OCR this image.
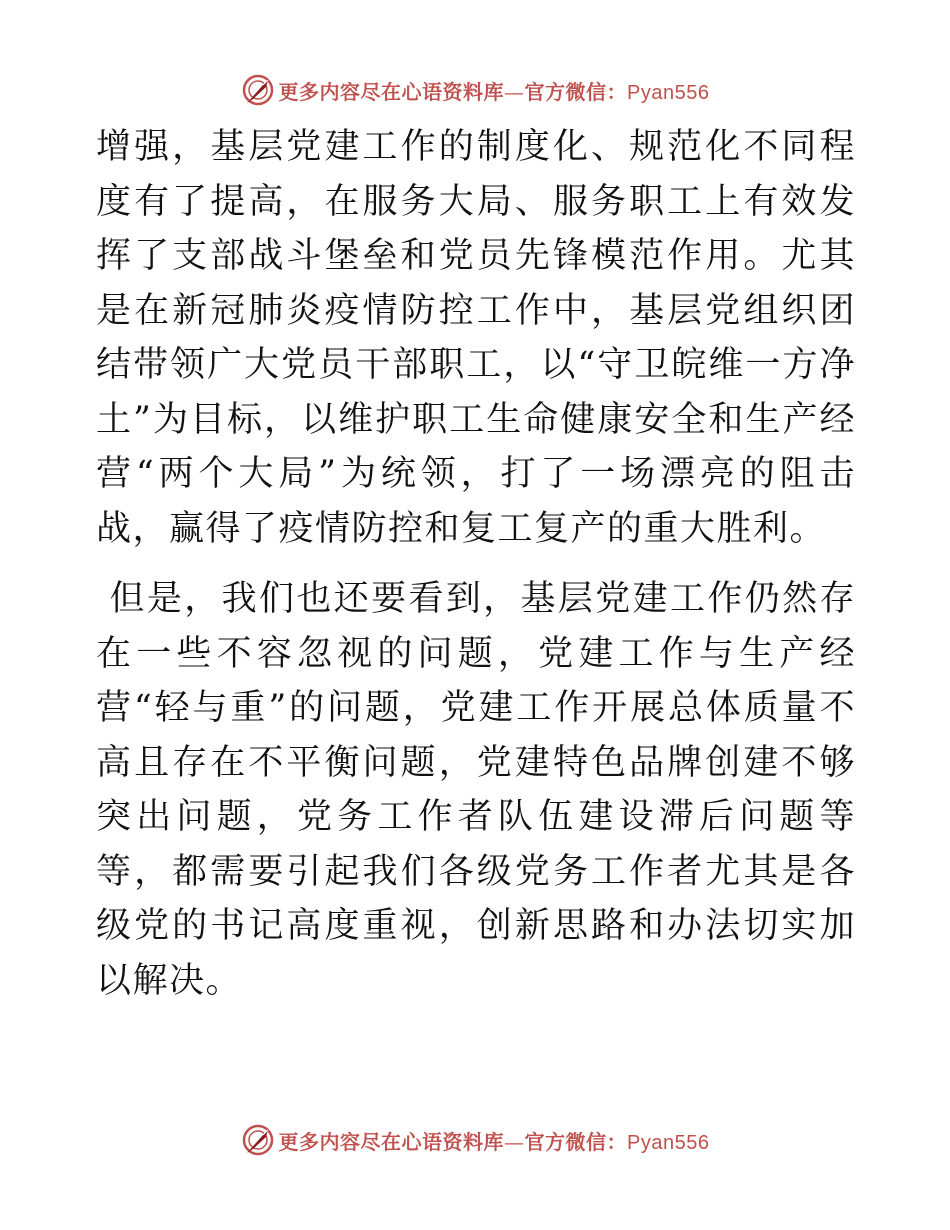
更多内容尽在心语资料库—官方微信：Pyan556

增强，基层党建工作的制度化、规范化不同程度有了提高，在服务大局、服务职工上有效发挥了支部战斗堡垒和党员先锋模范作用。尤其是在新冠肺炎疫情防控工作中，基层党组织团结带领广大党员干部职工，以“守卫皖维一方净土”为目标，以维护职工生命健康安全和生产经营“两个大局”为统领，打了一场漂亮的阻击战，赢得了疫情防控和复工复产的重大胜利。

但是，我们也还要看到，基层党建工作仍然存在一些不容忽视的问题，党建工作与生产经营“轻与重”的问题，党建工作开展总体质量不高且存在不平衡问题，党建特色品牌创建不够突出问题，党务工作者队伍建设滞后问题等等，都需要引起我们各级党务工作者尤其是各级党的书记高度重视，创新思路和办法切实加以解决。

更多内容尽在心语资料库—官方微信：Pyan556
